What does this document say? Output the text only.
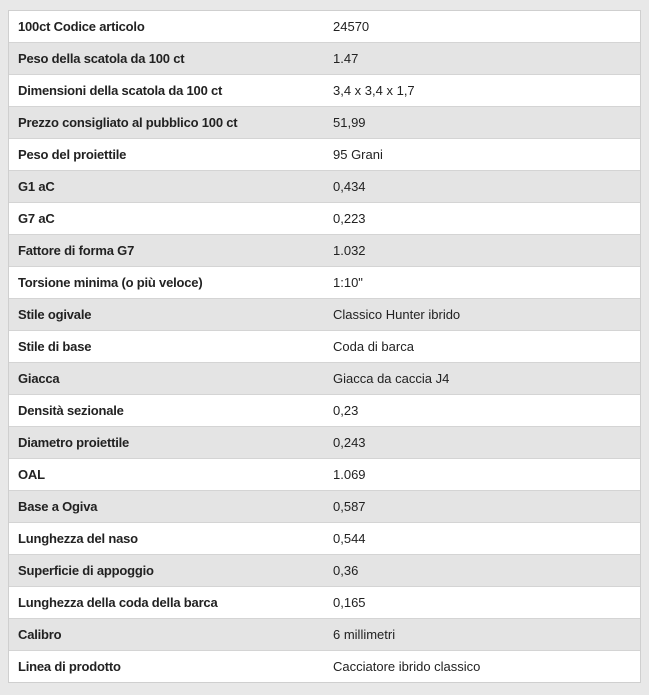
100ct Codice articolo	24570
Peso della scatola da 100 ct	1.47
Dimensioni della scatola da 100 ct	3,4 x 3,4 x 1,7
Prezzo consigliato al pubblico 100 ct	51,99
Peso del proiettile	95 Grani
G1 aC	0,434
G7 aC	0,223
Fattore di forma G7	1.032
Torsione minima (o più veloce)	1:10"
Stile ogivale	Classico Hunter ibrido
Stile di base	Coda di barca
Giacca	Giacca da caccia J4
Densità sezionale	0,23
Diametro proiettile	0,243
OAL	1.069
Base a Ogiva	0,587
Lunghezza del naso	0,544
Superficie di appoggio	0,36
Lunghezza della coda della barca	0,165
Calibro	6 millimetri
Linea di prodotto	Cacciatore ibrido classico
